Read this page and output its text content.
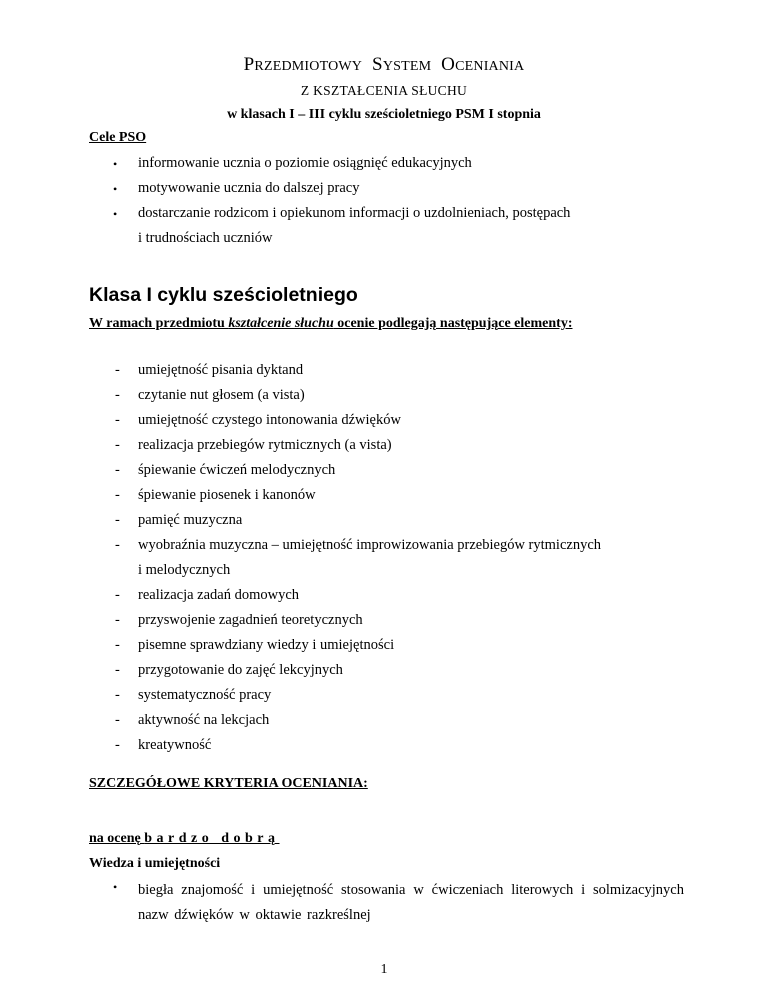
PRZEDMIOTOWY SYSTEM OCENIANIA
Z KSZTAŁCENIA SŁUCHU
w klasach I – III cyklu sześcioletniego PSM I stopnia
Cele PSO
• informowanie ucznia o poziomie osiągnięć edukacyjnych
• motywowanie ucznia do dalszej pracy
• dostarczanie rodzicom i opiekunom informacji o uzdolnieniach, postępach
i trudnościach uczniów
Klasa I cyklu sześcioletniego
W ramach przedmiotu kształcenie słuchu ocenie podlegają następujące elementy:
- umiejętność pisania dyktand
- czytanie nut głosem (a vista)
- umiejętność czystego intonowania dźwięków
- realizacja przebiegów rytmicznych (a vista)
- śpiewanie ćwiczeń melodycznych
- śpiewanie piosenek i kanonów
- pamięć muzyczna
- wyobraźnia muzyczna – umiejętność improwizowania przebiegów rytmicznych
i melodycznych
- realizacja zadań domowych
- przyswojenie zagadnień teoretycznych
- pisemne sprawdziany wiedzy i umiejętności
- przygotowanie do zajęć lekcyjnych
- systematyczność pracy
- aktywność na lekcjach
- kreatywność
SZCZEGÓŁOWE KRYTERIA OCENIANIA:
na ocenę bardzo dobrą
Wiedza i umiejętności
• biegła znajomość i umiejętność stosowania w ćwiczeniach literowych i solmizacyjnych nazw dźwięków w oktawie razkreślnej
1
